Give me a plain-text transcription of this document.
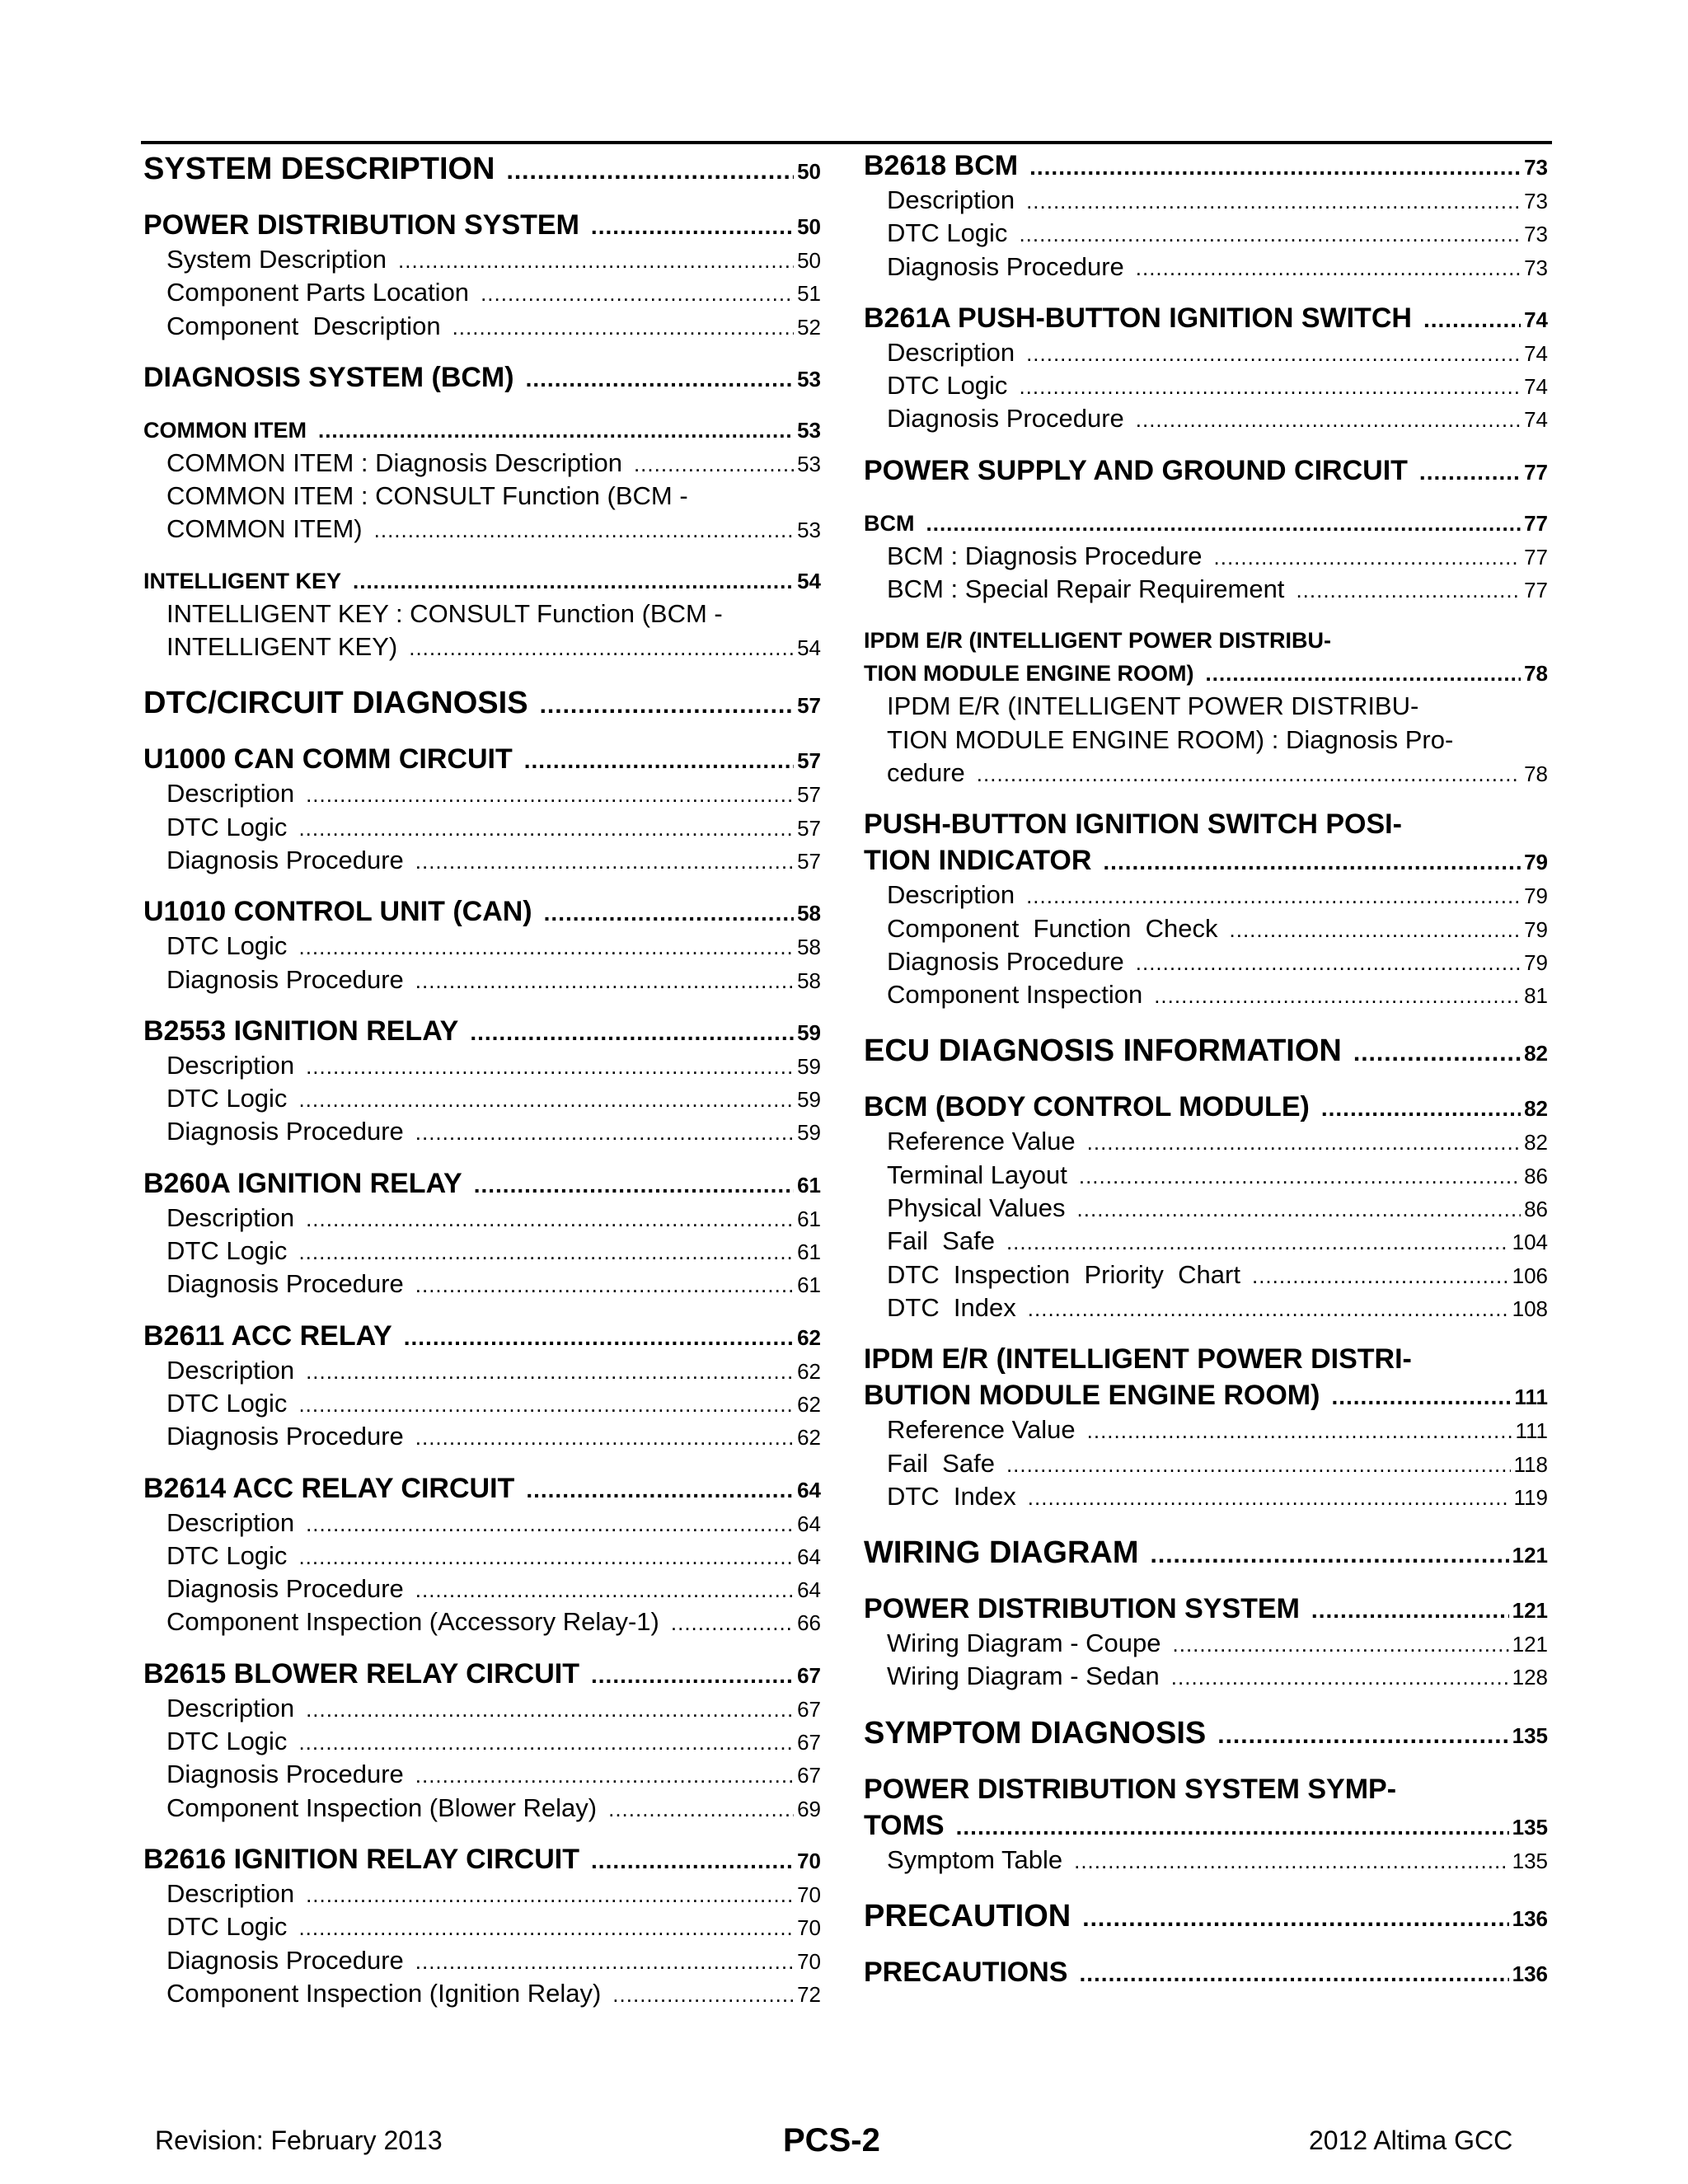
SYSTEM DESCRIPTION .....	50
POWER DISTRIBUTION SYSTEM .....	50
System Description .....	50
Component Parts Location .....	51
Component  Description .....	52
DIAGNOSIS SYSTEM (BCM) .....	53
COMMON ITEM .....	53
COMMON ITEM : Diagnosis Description .....	53
COMMON ITEM : CONSULT Function (BCM -
COMMON ITEM) .....	53
INTELLIGENT KEY .....	54
INTELLIGENT KEY : CONSULT Function (BCM -
INTELLIGENT KEY) .....	54
DTC/CIRCUIT DIAGNOSIS .....	57
U1000 CAN COMM CIRCUIT .....	57
Description .....	57
DTC Logic .....	57
Diagnosis Procedure .....	57
U1010 CONTROL UNIT (CAN) .....	58
DTC Logic .....	58
Diagnosis Procedure .....	58
B2553 IGNITION RELAY .....	59
Description .....	59
DTC Logic .....	59
Diagnosis Procedure .....	59
B260A IGNITION RELAY .....	61
Description .....	61
DTC Logic .....	61
Diagnosis Procedure .....	61
B2611 ACC RELAY .....	62
Description .....	62
DTC Logic .....	62
Diagnosis Procedure .....	62
B2614 ACC RELAY CIRCUIT .....	64
Description .....	64
DTC Logic .....	64
Diagnosis Procedure .....	64
Component Inspection (Accessory Relay-1) .....	66
B2615 BLOWER RELAY CIRCUIT .....	67
Description .....	67
DTC Logic .....	67
Diagnosis Procedure .....	67
Component Inspection (Blower Relay) .....	69
B2616 IGNITION RELAY CIRCUIT .....	70
Description .....	70
DTC Logic .....	70
Diagnosis Procedure .....	70
Component Inspection (Ignition Relay) .....	72
B2618 BCM .....	73
Description .....	73
DTC Logic .....	73
Diagnosis Procedure .....	73
B261A PUSH-BUTTON IGNITION SWITCH .....	74
Description .....	74
DTC Logic .....	74
Diagnosis Procedure .....	74
POWER SUPPLY AND GROUND CIRCUIT .....	77
BCM .....	77
BCM : Diagnosis Procedure .....	77
BCM : Special Repair Requirement .....	77
IPDM E/R (INTELLIGENT POWER DISTRIBU-
TION MODULE ENGINE ROOM) .....	78
IPDM E/R (INTELLIGENT POWER DISTRIBU-
TION MODULE ENGINE ROOM) : Diagnosis Pro-
cedure .....	78
PUSH-BUTTON IGNITION SWITCH POSI-
TION INDICATOR .....	79
Description .....	79
Component  Function  Check .....	79
Diagnosis Procedure .....	79
Component Inspection .....	81
ECU DIAGNOSIS INFORMATION .....	82
BCM (BODY CONTROL MODULE) .....	82
Reference Value .....	82
Terminal Layout .....	86
Physical Values .....	86
Fail  Safe .....	104
DTC  Inspection  Priority  Chart .....	106
DTC  Index .....	108
IPDM E/R (INTELLIGENT POWER DISTRI-
BUTION MODULE ENGINE ROOM) .....	111
Reference Value .....	111
Fail  Safe .....	118
DTC  Index .....	119
WIRING DIAGRAM .....	121
POWER DISTRIBUTION SYSTEM .....	121
Wiring Diagram - Coupe .....	121
Wiring Diagram - Sedan .....	128
SYMPTOM DIAGNOSIS .....	135
POWER DISTRIBUTION SYSTEM SYMP-
TOMS .....	135
Symptom Table .....	135
PRECAUTION .....	136
PRECAUTIONS .....	136
Revision: February 2013	PCS-2	2012 Altima GCC
